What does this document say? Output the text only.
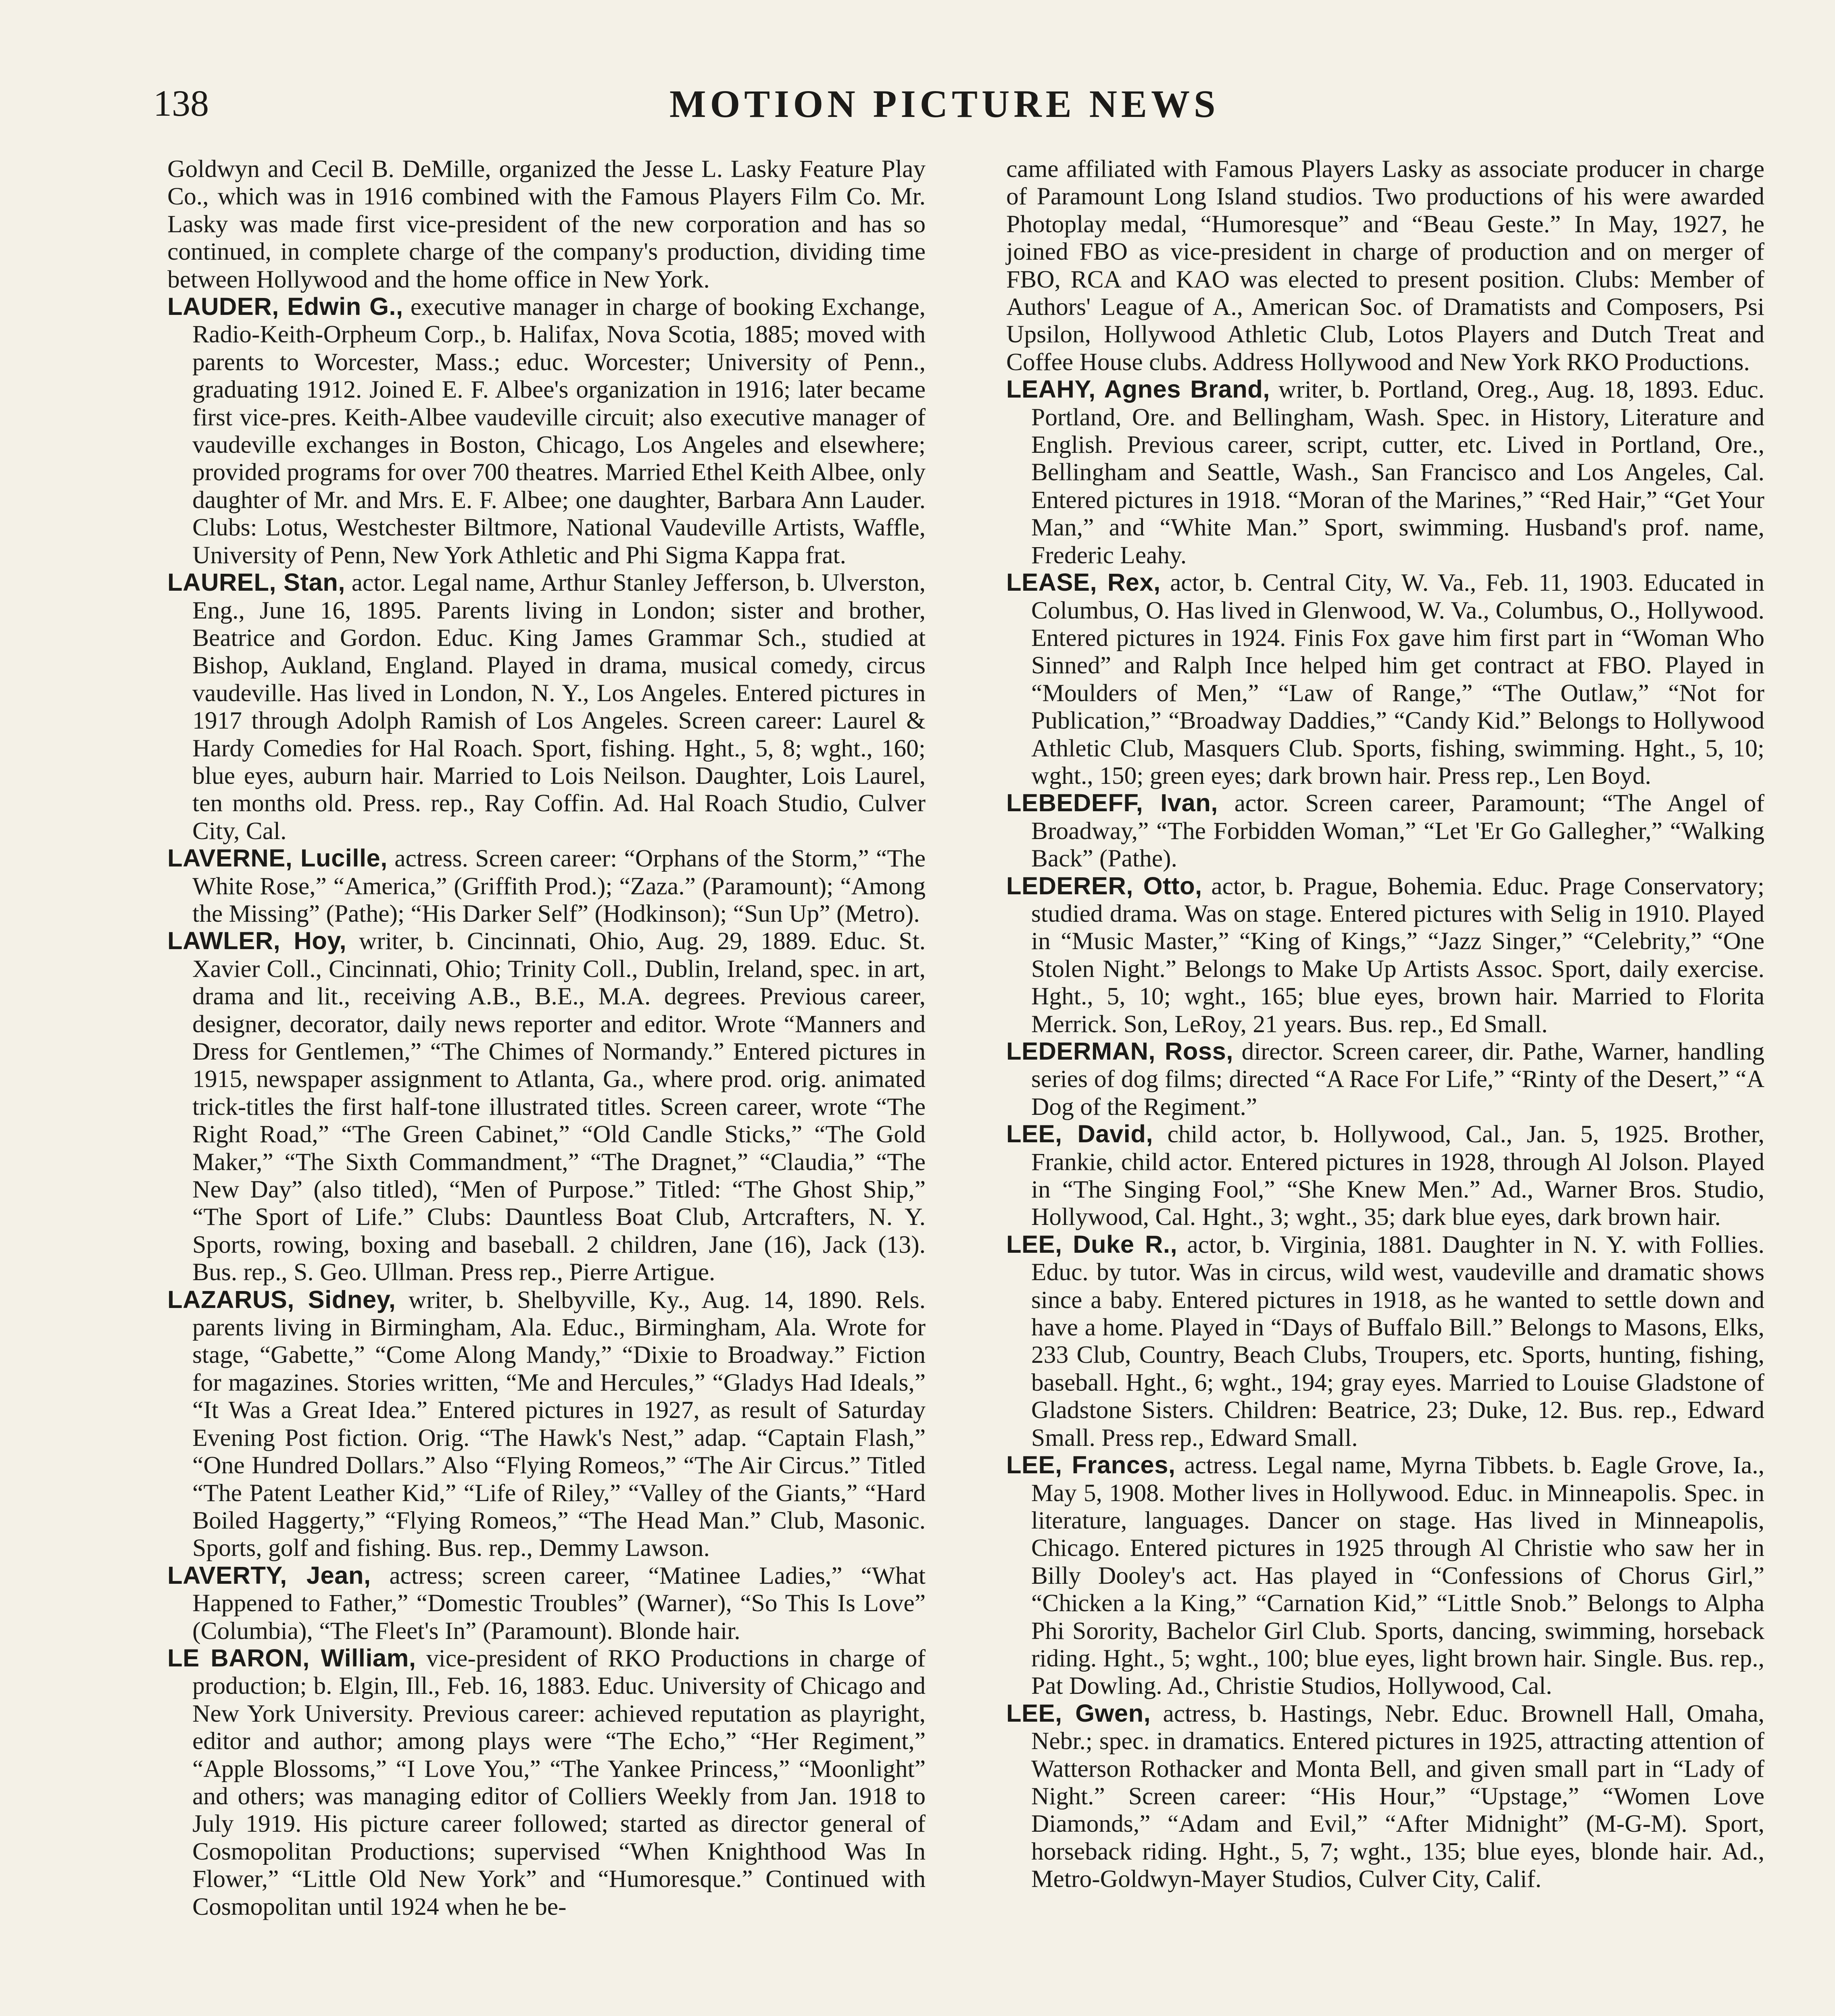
138	MOTION PICTURE NEWS

Goldwyn and Cecil B. DeMille, organized the Jesse L. Lasky Feature Play Co., which was in 1916 combined with the Famous Players Film Co. Mr. Lasky was made first vice-president of the new corporation and has so continued, in complete charge of the company's production, dividing time between Hollywood and the home office in New York.

LAUDER, Edwin G., executive manager in charge of booking Exchange, Radio-Keith-Orpheum Corp., b. Halifax, Nova Scotia, 1885; moved with parents to Worcester, Mass.; educ. Worcester; University of Penn., graduating 1912. Joined E. F. Albee's organization in 1916; later became first vice-pres. Keith-Albee vaudeville circuit; also executive manager of vaudeville exchanges in Boston, Chicago, Los Angeles and elsewhere; provided programs for over 700 theatres. Married Ethel Keith Albee, only daughter of Mr. and Mrs. E. F. Albee; one daughter, Barbara Ann Lauder. Clubs: Lotus, Westchester Biltmore, National Vaudeville Artists, Waffle, University of Penn, New York Athletic and Phi Sigma Kappa frat.

LAUREL, Stan, actor. Legal name, Arthur Stanley Jefferson, b. Ulverston, Eng., June 16, 1895. Parents living in London; sister and brother, Beatrice and Gordon. Educ. King James Grammar Sch., studied at Bishop, Aukland, England. Played in drama, musical comedy, circus vaudeville. Has lived in London, N. Y., Los Angeles. Entered pictures in 1917 through Adolph Ramish of Los Angeles. Screen career: Laurel & Hardy Comedies for Hal Roach. Sport, fishing. Hght., 5, 8; wght., 160; blue eyes, auburn hair. Married to Lois Neilson. Daughter, Lois Laurel, ten months old. Press. rep., Ray Coffin. Ad. Hal Roach Studio, Culver City, Cal.

LAVERNE, Lucille, actress. Screen career: “Orphans of the Storm,” “The White Rose,” “America,” (Griffith Prod.); “Zaza.” (Paramount); “Among the Missing” (Pathe); “His Darker Self” (Hodkinson); “Sun Up” (Metro).

LAWLER, Hoy, writer, b. Cincinnati, Ohio, Aug. 29, 1889. Educ. St. Xavier Coll., Cincinnati, Ohio; Trinity Coll., Dublin, Ireland, spec. in art, drama and lit., receiving A.B., B.E., M.A. degrees. Previous career, designer, decorator, daily news reporter and editor. Wrote “Manners and Dress for Gentlemen,” “The Chimes of Normandy.” Entered pictures in 1915, newspaper assignment to Atlanta, Ga., where prod. orig. animated trick-titles the first half-tone illustrated titles. Screen career, wrote “The Right Road,” “The Green Cabinet,” “Old Candle Sticks,” “The Gold Maker,” “The Sixth Commandment,” “The Dragnet,” “Claudia,” “The New Day” (also titled), “Men of Purpose.” Titled: “The Ghost Ship,” “The Sport of Life.” Clubs: Dauntless Boat Club, Artcrafters, N. Y. Sports, rowing, boxing and baseball. 2 children, Jane (16), Jack (13). Bus. rep., S. Geo. Ullman. Press rep., Pierre Artigue.

LAZARUS, Sidney, writer, b. Shelbyville, Ky., Aug. 14, 1890. Rels. parents living in Birmingham, Ala. Educ., Birmingham, Ala. Wrote for stage, “Gabette,” “Come Along Mandy,” “Dixie to Broadway.” Fiction for magazines. Stories written, “Me and Hercules,” “Gladys Had Ideals,” “It Was a Great Idea.” Entered pictures in 1927, as result of Saturday Evening Post fiction. Orig. “The Hawk's Nest,” adap. “Captain Flash,” “One Hundred Dollars.” Also “Flying Romeos,” “The Air Circus.” Titled “The Patent Leather Kid,” “Life of Riley,” “Valley of the Giants,” “Hard Boiled Haggerty,” “Flying Romeos,” “The Head Man.” Club, Masonic. Sports, golf and fishing. Bus. rep., Demmy Lawson.

LAVERTY, Jean, actress; screen career, “Matinee Ladies,” “What Happened to Father,” “Domestic Troubles” (Warner), “So This Is Love” (Columbia), “The Fleet's In” (Paramount). Blonde hair.

LE BARON, William, vice-president of RKO Productions in charge of production; b. Elgin, Ill., Feb. 16, 1883. Educ. University of Chicago and New York University. Previous career: achieved reputation as playright, editor and author; among plays were “The Echo,” “Her Regiment,” “Apple Blossoms,” “I Love You,” “The Yankee Princess,” “Moonlight” and others; was managing editor of Colliers Weekly from Jan. 1918 to July 1919. His picture career followed; started as director general of Cosmopolitan Productions; supervised “When Knighthood Was In Flower,” “Little Old New York” and “Humoresque.” Continued with Cosmopolitan until 1924 when he be-

came affiliated with Famous Players Lasky as associate producer in charge of Paramount Long Island studios. Two productions of his were awarded Photoplay medal, “Humoresque” and “Beau Geste.” In May, 1927, he joined FBO as vice-president in charge of production and on merger of FBO, RCA and KAO was elected to present position. Clubs: Member of Authors' League of A., American Soc. of Dramatists and Composers, Psi Upsilon, Hollywood Athletic Club, Lotos Players and Dutch Treat and Coffee House clubs. Address Hollywood and New York RKO Productions.

LEAHY, Agnes Brand, writer, b. Portland, Oreg., Aug. 18, 1893. Educ. Portland, Ore. and Bellingham, Wash. Spec. in History, Literature and English. Previous career, script, cutter, etc. Lived in Portland, Ore., Bellingham and Seattle, Wash., San Francisco and Los Angeles, Cal. Entered pictures in 1918. “Moran of the Marines,” “Red Hair,” “Get Your Man,” and “White Man.” Sport, swimming. Husband's prof. name, Frederic Leahy.

LEASE, Rex, actor, b. Central City, W. Va., Feb. 11, 1903. Educated in Columbus, O. Has lived in Glenwood, W. Va., Columbus, O., Hollywood. Entered pictures in 1924. Finis Fox gave him first part in “Woman Who Sinned” and Ralph Ince helped him get contract at FBO. Played in “Moulders of Men,” “Law of Range,” “The Outlaw,” “Not for Publication,” “Broadway Daddies,” “Candy Kid.” Belongs to Hollywood Athletic Club, Masquers Club. Sports, fishing, swimming. Hght., 5, 10; wght., 150; green eyes; dark brown hair. Press rep., Len Boyd.

LEBEDEFF, Ivan, actor. Screen career, Paramount; “The Angel of Broadway,” “The Forbidden Woman,” “Let 'Er Go Gallegher,” “Walking Back” (Pathe).

LEDERER, Otto, actor, b. Prague, Bohemia. Educ. Prage Conservatory; studied drama. Was on stage. Entered pictures with Selig in 1910. Played in “Music Master,” “King of Kings,” “Jazz Singer,” “Celebrity,” “One Stolen Night.” Belongs to Make Up Artists Assoc. Sport, daily exercise. Hght., 5, 10; wght., 165; blue eyes, brown hair. Married to Florita Merrick. Son, LeRoy, 21 years. Bus. rep., Ed Small.

LEDERMAN, Ross, director. Screen career, dir. Pathe, Warner, handling series of dog films; directed “A Race For Life,” “Rinty of the Desert,” “A Dog of the Regiment.”

LEE, David, child actor, b. Hollywood, Cal., Jan. 5, 1925. Brother, Frankie, child actor. Entered pictures in 1928, through Al Jolson. Played in “The Singing Fool,” “She Knew Men.” Ad., Warner Bros. Studio, Hollywood, Cal. Hght., 3; wght., 35; dark blue eyes, dark brown hair.

LEE, Duke R., actor, b. Virginia, 1881. Daughter in N. Y. with Follies. Educ. by tutor. Was in circus, wild west, vaudeville and dramatic shows since a baby. Entered pictures in 1918, as he wanted to settle down and have a home. Played in “Days of Buffalo Bill.” Belongs to Masons, Elks, 233 Club, Country, Beach Clubs, Troupers, etc. Sports, hunting, fishing, baseball. Hght., 6; wght., 194; gray eyes. Married to Louise Gladstone of Gladstone Sisters. Children: Beatrice, 23; Duke, 12. Bus. rep., Edward Small. Press rep., Edward Small.

LEE, Frances, actress. Legal name, Myrna Tibbets. b. Eagle Grove, Ia., May 5, 1908. Mother lives in Hollywood. Educ. in Minneapolis. Spec. in literature, languages. Dancer on stage. Has lived in Minneapolis, Chicago. Entered pictures in 1925 through Al Christie who saw her in Billy Dooley's act. Has played in “Confessions of Chorus Girl,” “Chicken a la King,” “Carnation Kid,” “Little Snob.” Belongs to Alpha Phi Sorority, Bachelor Girl Club. Sports, dancing, swimming, horseback riding. Hght., 5; wght., 100; blue eyes, light brown hair. Single. Bus. rep., Pat Dowling. Ad., Christie Studios, Hollywood, Cal.

LEE, Gwen, actress, b. Hastings, Nebr. Educ. Brownell Hall, Omaha, Nebr.; spec. in dramatics. Entered pictures in 1925, attracting attention of Watterson Rothacker and Monta Bell, and given small part in “Lady of Night.” Screen career: “His Hour,” “Upstage,” “Women Love Diamonds,” “Adam and Evil,” “After Midnight” (M-G-M). Sport, horseback riding. Hght., 5, 7; wght., 135; blue eyes, blonde hair. Ad., Metro-Goldwyn-Mayer Studios, Culver City, Calif.
